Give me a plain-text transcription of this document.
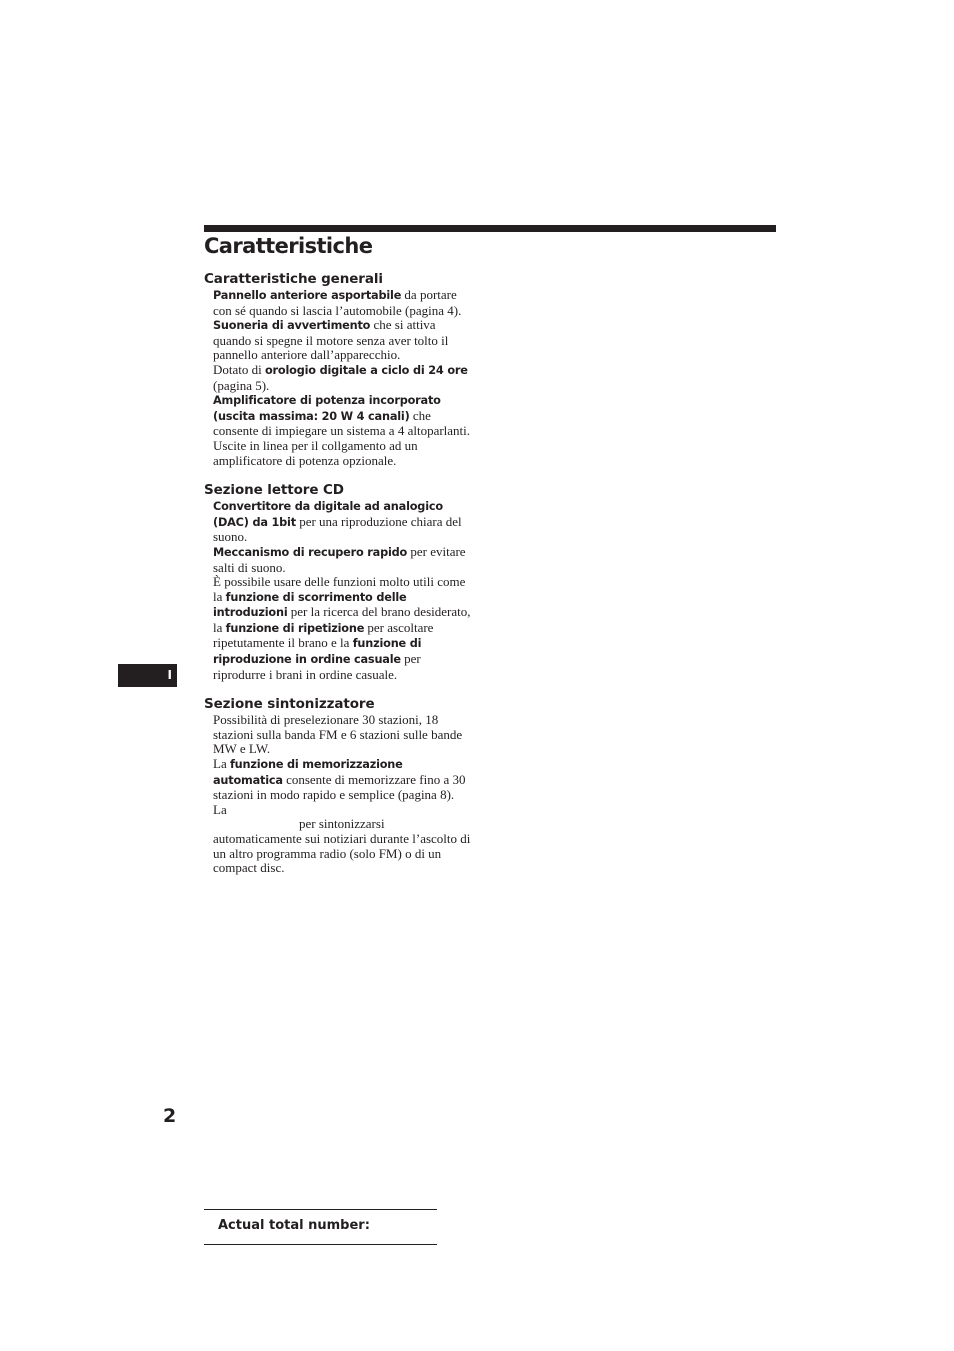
Caratteristiche
Caratteristiche generali

Pannello anteriore asportabile da portare con sé quando si lascia l’automobile (pagina 4).

Suoneria di avvertimento che si attiva quando si spegne il motore senza aver tolto il pannello anteriore dall’apparecchio.

Dotato di orologio digitale a ciclo di 24 ore (pagina 5).

Amplificatore di potenza incorporato (uscita massima: 20 W 4 canali) che consente di impiegare un sistema a 4 altoparlanti.

Uscite in linea per il collgamento ad un amplificatore di potenza opzionale.

Sezione lettore CD

Convertitore da digitale ad analogico (DAC) da 1bit per una riproduzione chiara del suono.

Meccanismo di recupero rapido per evitare salti di suono.

È possibile usare delle funzioni molto utili come la funzione di scorrimento delle introduzioni per la ricerca del brano desiderato, la funzione di ripetizione per ascoltare ripetutamente il brano e la funzione di riproduzione in ordine casuale per riprodurre i brani in ordine casuale.

Sezione sintonizzatore

Possibilità di preselezionare 30 stazioni, 18 stazioni sulla banda FM e 6 stazioni sulle bande MW e LW.

La funzione di memorizzazione automatica consente di memorizzare fino a 30 stazioni in modo rapido e semplice (pagina 8).

La

per sintonizzarsi automaticamente sui notiziari durante l’ascolto di un altro programma radio (solo FM) o di un compact disc.

I
2
Actual total number:
